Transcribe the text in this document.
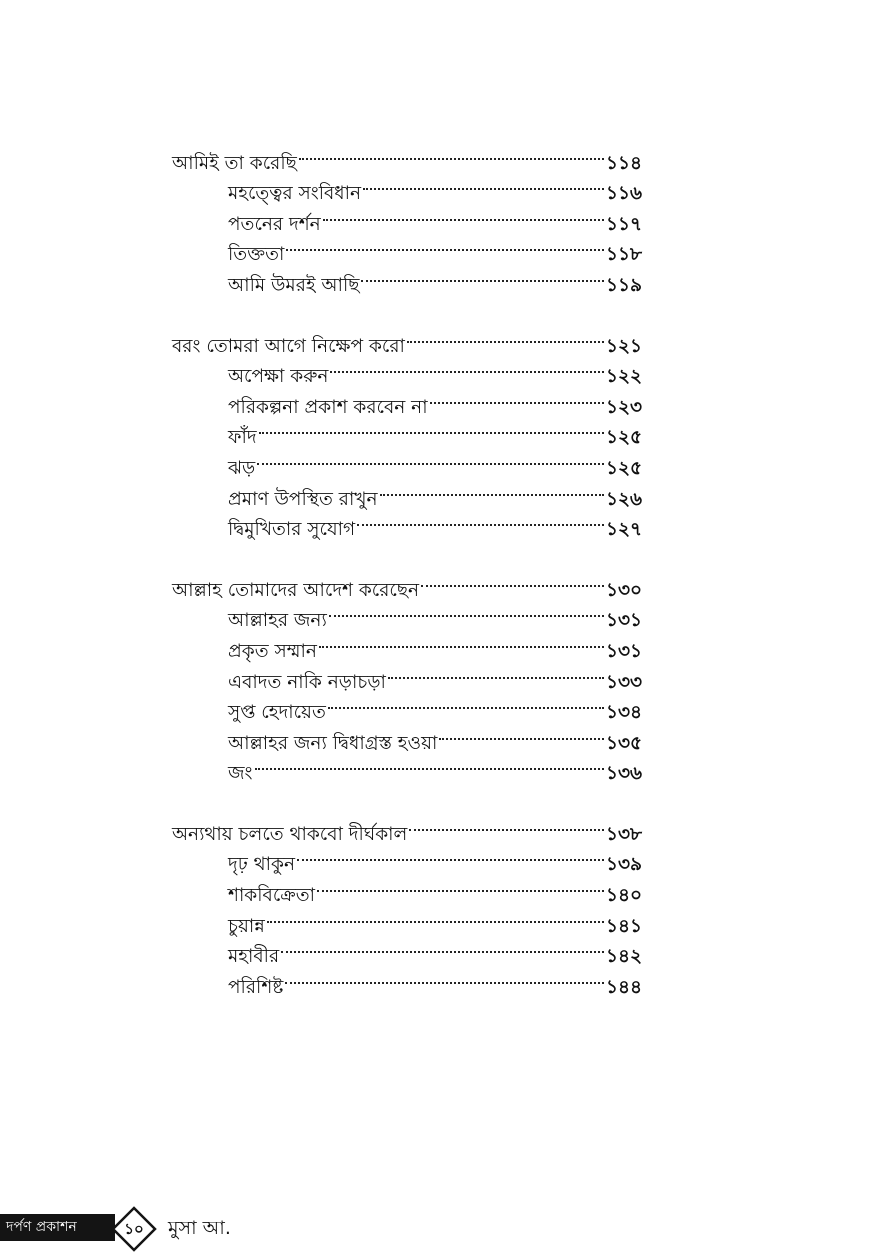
আমিই তা করেছি	১১৪
মহত্ত্বের সংবিধান	১১৬
পতনের দর্শন	১১৭
তিক্ততা	১১৮
আমি উমরই আছি	১১৯
বরং তোমরা আগে নিক্ষেপ করো	১২১
অপেক্ষা করুন	১২২
পরিকল্পনা প্রকাশ করবেন না	১২৩
ফাঁদ	১২৫
ঝড়	১২৫
প্রমাণ উপস্থিত রাখুন	১২৬
দ্বিমুখিতার সুযোগ	১২৭
আল্লাহ তোমাদের আদেশ করেছেন	১৩০
আল্লাহর জন্য	১৩১
প্রকৃত সম্মান	১৩১
এবাদত নাকি নড়াচড়া	১৩৩
সুপ্ত হেদায়েত	১৩৪
আল্লাহর জন্য দ্বিধাগ্রস্ত হওয়া	১৩৫
জং	১৩৬
অন্যথায় চলতে থাকবো দীর্ঘকাল	১৩৮
দৃঢ় থাকুন	১৩৯
শাকবিক্রেতা	১৪০
চুয়ান্ন	১৪১
মহাবীর	১৪২
পরিশিষ্ট	১৪৪
দর্পণ প্রকাশন	১০	মুসা আ.
